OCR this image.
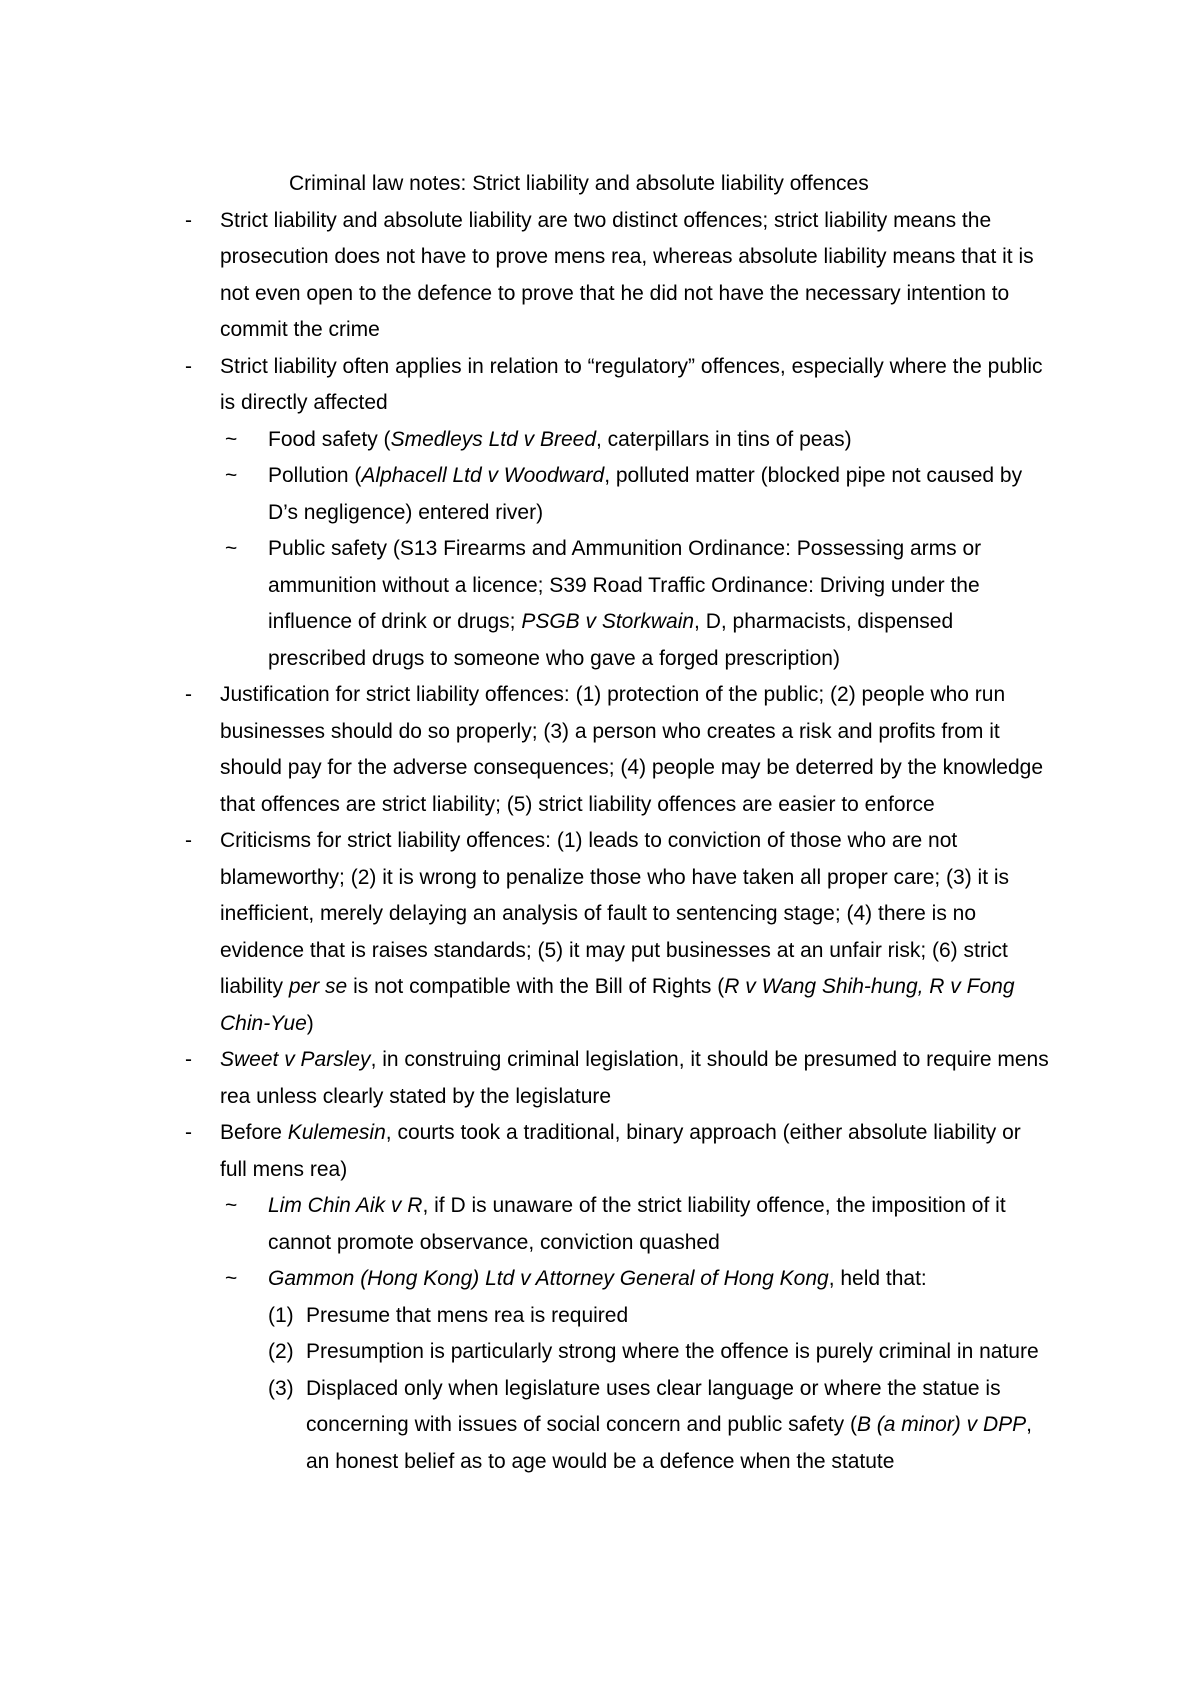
Criminal law notes: Strict liability and absolute liability offences
- Strict liability and absolute liability are two distinct offences; strict liability means the prosecution does not have to prove mens rea, whereas absolute liability means that it is not even open to the defence to prove that he did not have the necessary intention to commit the crime
- Strict liability often applies in relation to “regulatory” offences, especially where the public is directly affected
~ Food safety (Smedleys Ltd v Breed, caterpillars in tins of peas)
~ Pollution (Alphacell Ltd v Woodward, polluted matter (blocked pipe not caused by D’s negligence) entered river)
~ Public safety (S13 Firearms and Ammunition Ordinance: Possessing arms or ammunition without a licence; S39 Road Traffic Ordinance: Driving under the influence of drink or drugs; PSGB v Storkwain, D, pharmacists, dispensed prescribed drugs to someone who gave a forged prescription)
- Justification for strict liability offences: (1) protection of the public; (2) people who run businesses should do so properly; (3) a person who creates a risk and profits from it should pay for the adverse consequences; (4) people may be deterred by the knowledge that offences are strict liability; (5) strict liability offences are easier to enforce
- Criticisms for strict liability offences: (1) leads to conviction of those who are not blameworthy; (2) it is wrong to penalize those who have taken all proper care; (3) it is inefficient, merely delaying an analysis of fault to sentencing stage; (4) there is no evidence that is raises standards; (5) it may put businesses at an unfair risk; (6) strict liability per se is not compatible with the Bill of Rights (R v Wang Shih-hung, R v Fong Chin-Yue)
- Sweet v Parsley, in construing criminal legislation, it should be presumed to require mens rea unless clearly stated by the legislature
- Before Kulemesin, courts took a traditional, binary approach (either absolute liability or full mens rea)
~ Lim Chin Aik v R, if D is unaware of the strict liability offence, the imposition of it cannot promote observance, conviction quashed
~ Gammon (Hong Kong) Ltd v Attorney General of Hong Kong, held that:
(1) Presume that mens rea is required
(2) Presumption is particularly strong where the offence is purely criminal in nature
(3) Displaced only when legislature uses clear language or where the statue is concerning with issues of social concern and public safety (B (a minor) v DPP, an honest belief as to age would be a defence when the statute
